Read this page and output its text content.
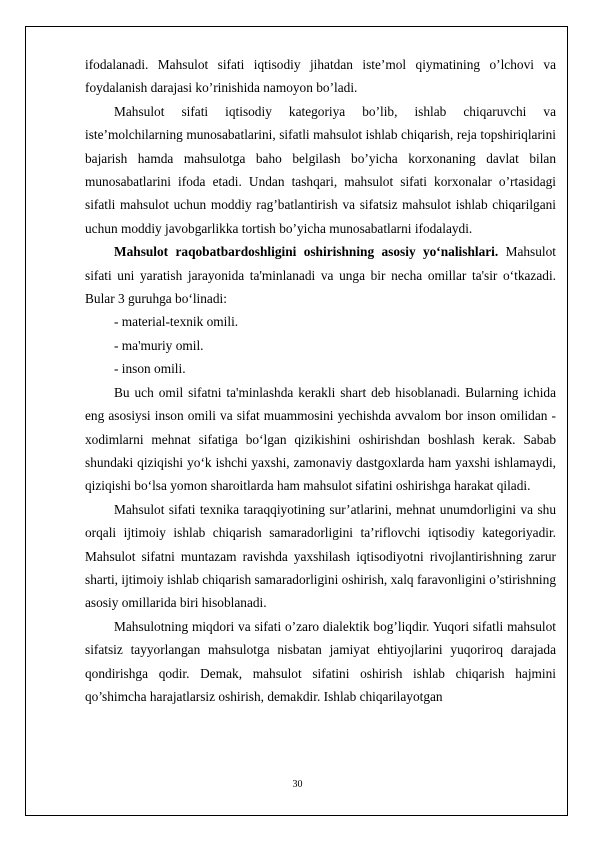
ifodalanadi. Mahsulot sifati iqtisodiy jihatdan iste’mol qiymatining o’lchovi va foydalanish darajasi ko’rinishida namoyon bo’ladi.

Mahsulot sifati iqtisodiy kategoriya bo’lib, ishlab chiqaruvchi va iste’molchilarning munosabatlarini, sifatli mahsulot ishlab chiqarish, reja topshiriqlarini bajarish hamda mahsulotga baho belgilash bo’yicha korxonaning davlat bilan munosabatlarini ifoda etadi. Undan tashqari, mahsulot sifati korxonalar o’rtasidagi sifatli mahsulot uchun moddiy rag’batlantirish va sifatsiz mahsulot ishlab chiqarilgani uchun moddiy javobgarlikka tortish bo’yicha munosabatlarni ifodalaydi.

Mahsulot raqobatbardoshligini oshirishning asosiy yo‘nalishlari. Mahsulot sifati uni yaratish jarayonida ta'minlanadi va unga bir necha omillar ta'sir o‘tkazadi. Bular 3 guruhga bo‘linadi:

- material-texnik omili.

- ma'muriy omil.

- inson omili.

Bu uch omil sifatni ta'minlashda kerakli shart deb hisoblanadi. Bularning ichida eng asosiysi inson omili va sifat muammosini yechishda avvalom bor inson omilidan - xodimlarni mehnat sifatiga bo‘lgan qizikishini oshirishdan boshlash kerak. Sabab shundaki qiziqishi yo‘k ishchi yaxshi, zamonaviy dastgoxlarda ham yaxshi ishlamaydi, qiziqishi bo‘lsa yomon sharoitlarda ham mahsulot sifatini oshirishga harakat qiladi.

Mahsulot sifati texnika taraqqiyotining sur’atlarini, mehnat unumdorligini va shu orqali ijtimoiy ishlab chiqarish samaradorligini ta’riflovchi iqtisodiy kategoriyadir. Mahsulot sifatni muntazam ravishda yaxshilash iqtisodiyotni rivojlantirishning zarur sharti, ijtimoiy ishlab chiqarish samaradorligini oshirish, xalq faravonligini o’stirishning asosiy omillarida biri hisoblanadi.

Mahsulotning miqdori va sifati o’zaro dialektik bog’liqdir. Yuqori sifatli mahsulot sifatsiz tayyorlangan mahsulotga nisbatan jamiyat ehtiyojlarini yuqoriroq darajada qondirishga qodir. Demak, mahsulot sifatini oshirish ishlab chiqarish hajmini qo’shimcha harajatlarsiz oshirish, demakdir. Ishlab chiqarilayotgan

30
